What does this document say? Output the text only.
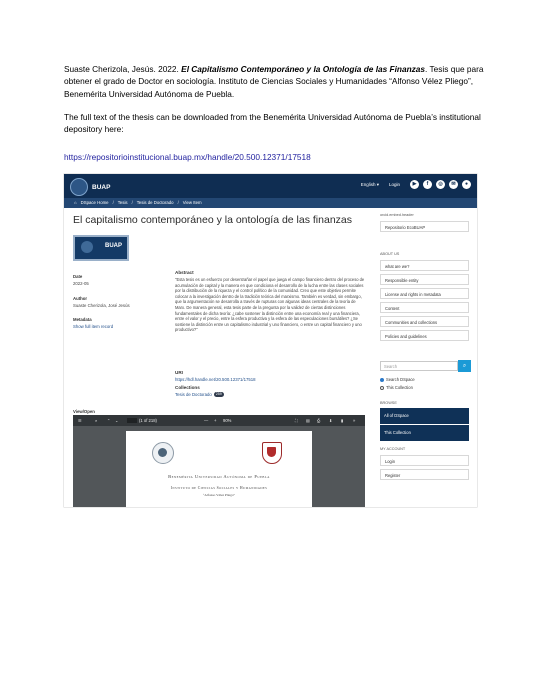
Suaste Cherizola, Jesús. 2022. El Capitalismo Contemporáneo y la Ontología de las Finanzas. Tesis que para obtener el grado de Doctor en sociología. Instituto de Ciencias Sociales y Humanidades “Alfonso Vélez Pliego”, Benemérita Universidad Autónoma de Puebla.
The full text of the thesis can be downloaded from the Benemérita Universidad Autónoma de Puebla’s institutional depository here:
https://repositorioinstitucional.buap.mx/handle/20.500.12371/17518
BUAP	English ▾ Login	▶	f	◎	✉	●
⌂ DSpace Home / Tesis / Tesis de Doctorado / View Item
El capitalismo contemporáneo y la ontología de las finanzas
BUAP
Date
2022-05
Author
Suaste Cherizola, José Jesús
Metadata
Show full item record
Abstract
"Esta tesis es un esfuerzo por desentrañar el papel que juega el campo financiero dentro del proceso de acumulación de capital y la manera en que condiciona el desarrollo de la lucha entre las clases sociales por la distribución de la riqueza y el control político de la comunidad. Creo que este objetivo permite colocar a la investigación dentro de la tradición teórica del marxismo. También es verdad, sin embargo, que la argumentación se desarrolla a través de rupturas con algunas ideas centrales de la teoría de Marx. De manera general, esta tesis parte de la pregunta por la validez de ciertas distinciones fundamentales de dicha teoría: ¿cabe sostener la distinción entre una economía real y una financiera, entre el valor y el precio, entre la esfera productiva y la esfera de las especulaciones bursátiles? ¿Se sostiene la distinción entre un capitalismo industrial y uno financiero, o entre un capital financiero y uno productivo?"
URI
https://hdl.handle.net/20.500.12371/17518
Collections
Tesis de Doctorado	259
View/Open
☰	⌕ ⌃ ⌄
	(1 of 218)	— + 90%	⛶ ▤ ⎙ ⬇ ▮ »
Benemérita Universidad Autónoma de Puebla
Instituto de Ciencias Sociales y Humanidades
“Alfonso Vélez Pliego”
orcid.embed.header
Repositorio EcoBUAP
ABOUT US
what are we?
Responsible entity
License and rights in metadata
Content
Communities and collections
Policies and guidelines
Search	⌕
Search DSpace
This Collection
BROWSE
All of DSpace
This Collection
MY ACCOUNT
Login
Register
